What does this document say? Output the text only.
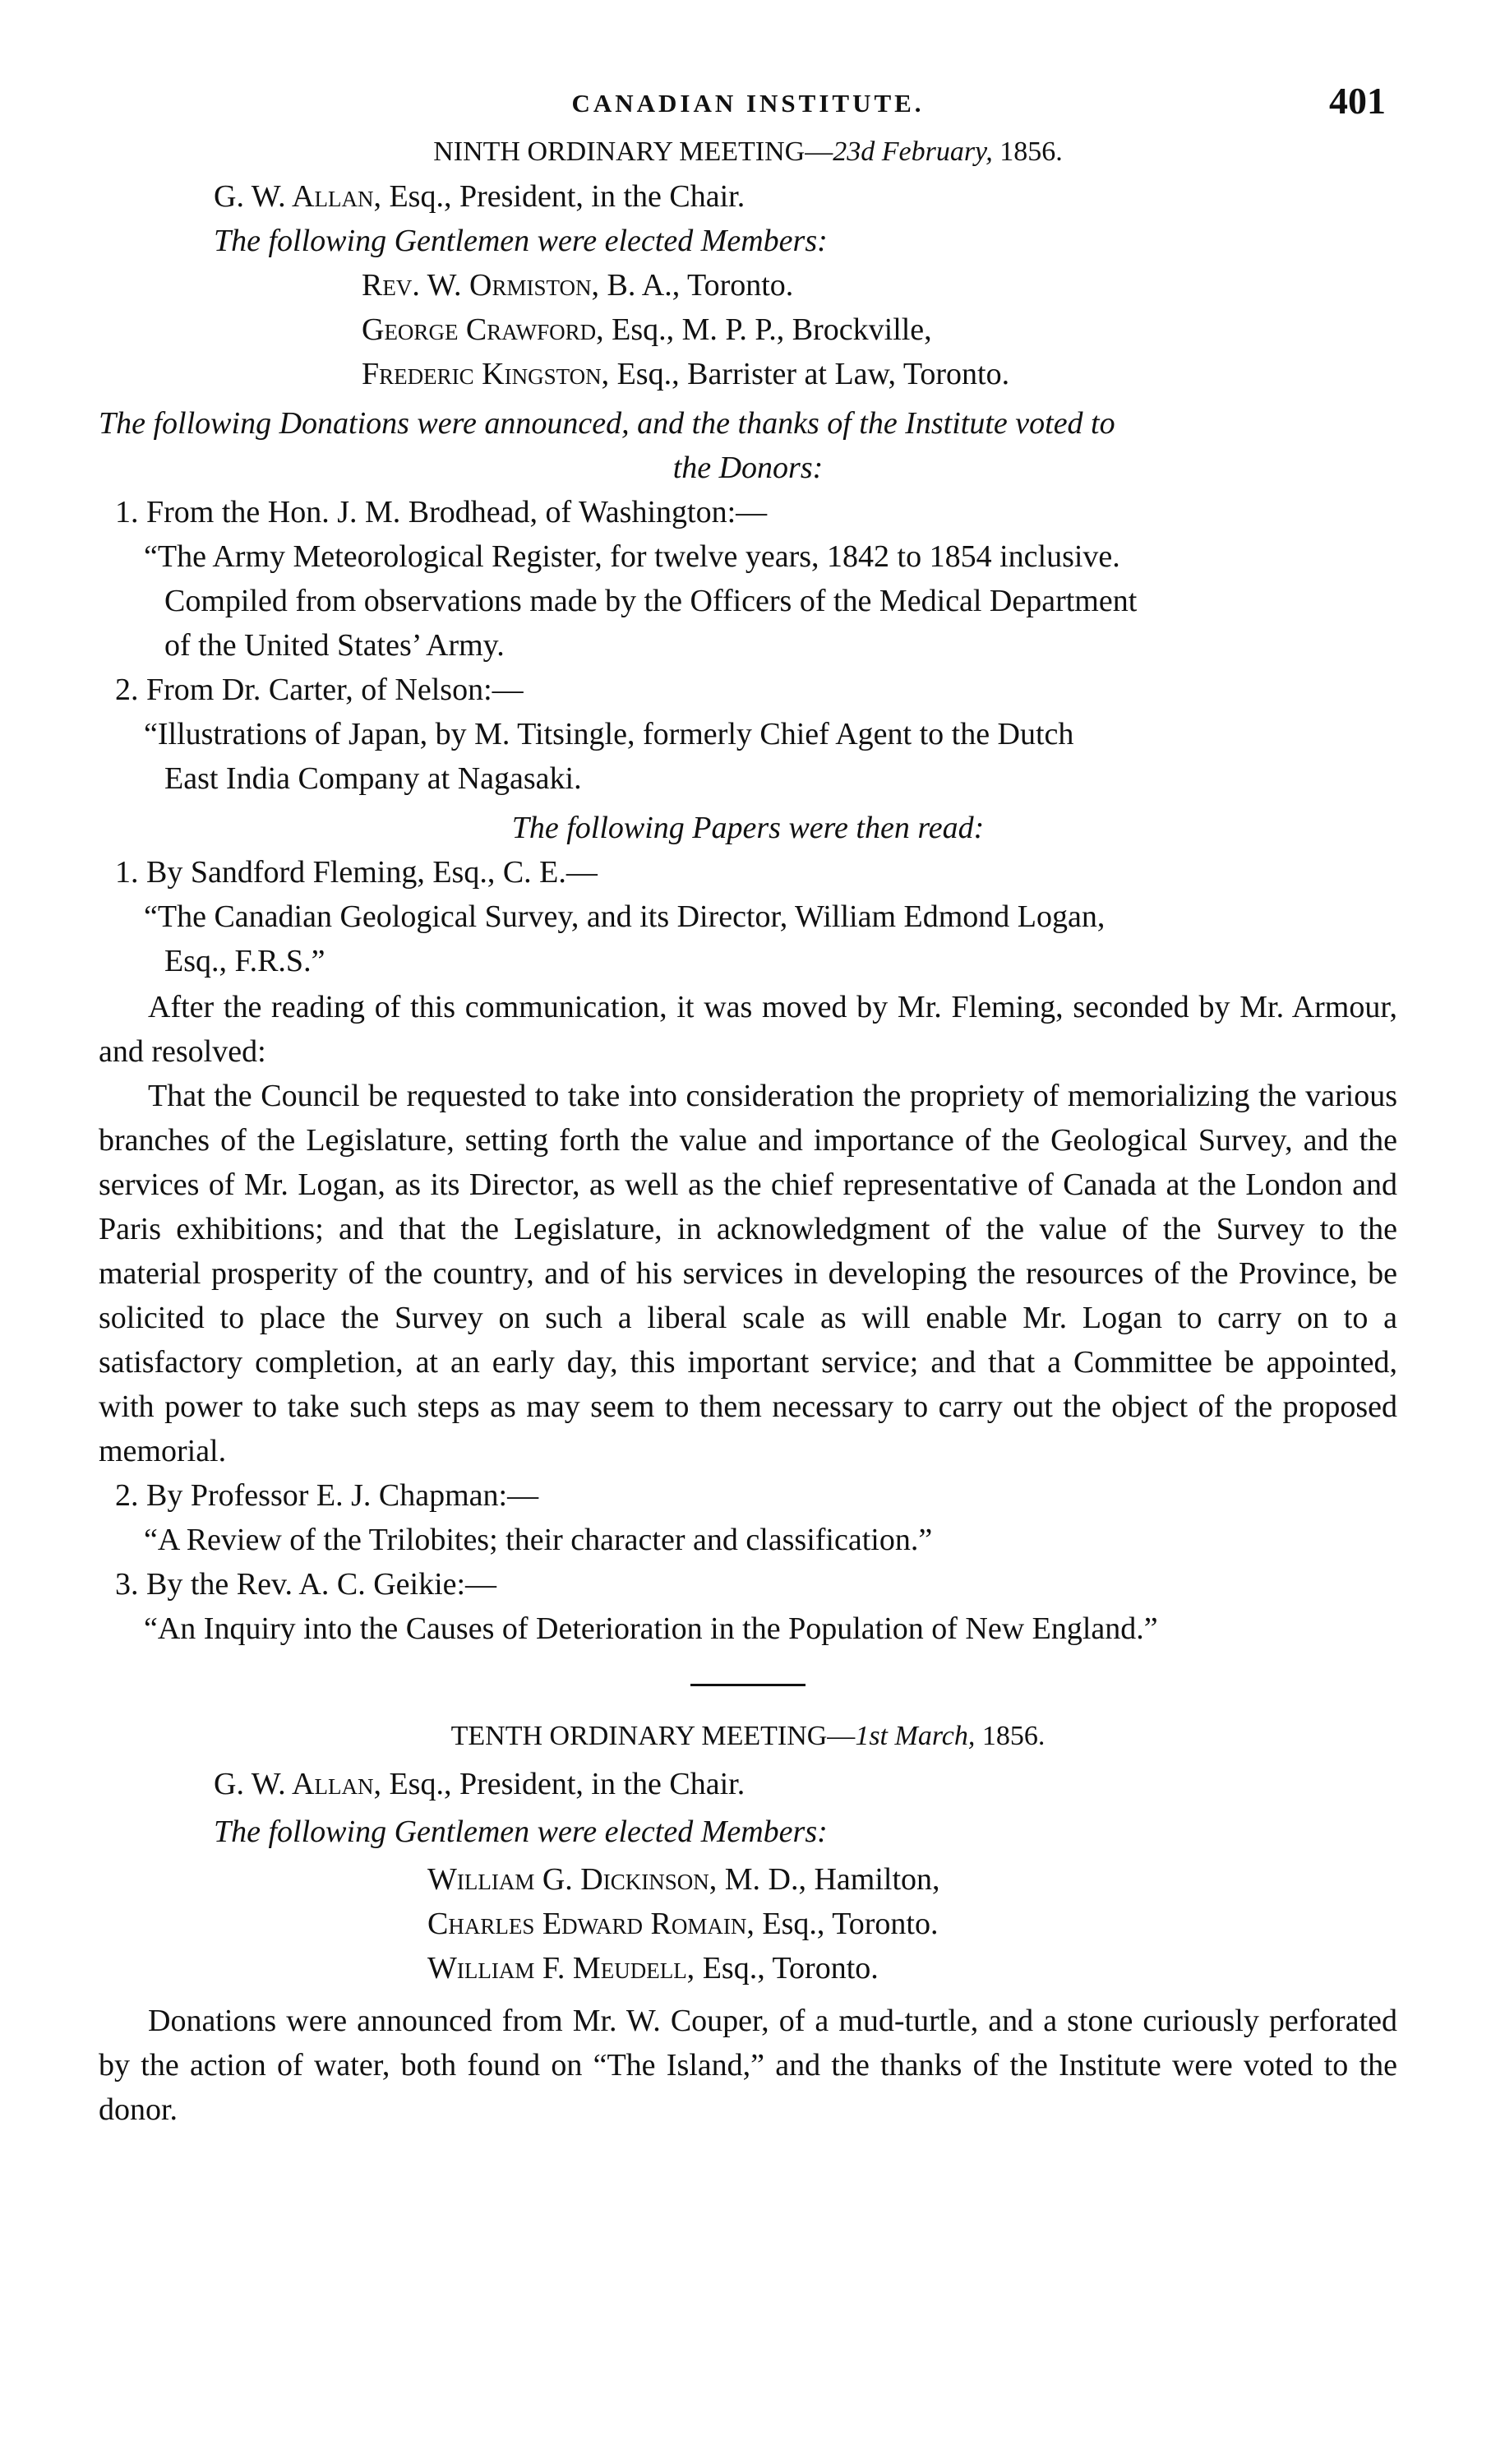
CANADIAN INSTITUTE.	401
NINTH ORDINARY MEETING—23d February, 1856.
G. W. Allan, Esq., President, in the Chair.
The following Gentlemen were elected Members:
Rev. W. Ormiston, B. A., Toronto.
George Crawford, Esq., M. P. P., Brockville,
Frederic Kingston, Esq., Barrister at Law, Toronto.
The following Donations were announced, and the thanks of the Institute voted to
the Donors:
1. From the Hon. J. M. Brodhead, of Washington:—
“The Army Meteorological Register, for twelve years, 1842 to 1854 inclusive.
Compiled from observations made by the Officers of the Medical Department
of the United States’ Army.
2. From Dr. Carter, of Nelson:—
“Illustrations of Japan, by M. Titsingle, formerly Chief Agent to the Dutch
East India Company at Nagasaki.
The following Papers were then read:
1. By Sandford Fleming, Esq., C. E.—
“The Canadian Geological Survey, and its Director, William Edmond Logan,
Esq., F.R.S.”

After the reading of this communication, it was moved by Mr. Fleming, seconded by Mr. Armour, and resolved:

That the Council be requested to take into consideration the propriety of memorializing the various branches of the Legislature, setting forth the value and importance of the Geological Survey, and the services of Mr. Logan, as its Director, as well as the chief representative of Canada at the London and Paris exhibitions; and that the Legislature, in acknowledgment of the value of the Survey to the material prosperity of the country, and of his services in developing the resources of the Province, be solicited to place the Survey on such a liberal scale as will enable Mr. Logan to carry on to a satisfactory completion, at an early day, this important service; and that a Committee be appointed, with power to take such steps as may seem to them necessary to carry out the object of the proposed memorial.

2. By Professor E. J. Chapman:—
“A Review of the Trilobites; their character and classification.”
3. By the Rev. A. C. Geikie:—
“An Inquiry into the Causes of Deterioration in the Population of New England.”
TENTH ORDINARY MEETING—1st March, 1856.
G. W. Allan, Esq., President, in the Chair.
The following Gentlemen were elected Members:
William G. Dickinson, M. D., Hamilton,
Charles Edward Romain, Esq., Toronto.
William F. Meudell, Esq., Toronto.

Donations were announced from Mr. W. Couper, of a mud-turtle, and a stone curiously perforated by the action of water, both found on “The Island,” and the thanks of the Institute were voted to the donor.
